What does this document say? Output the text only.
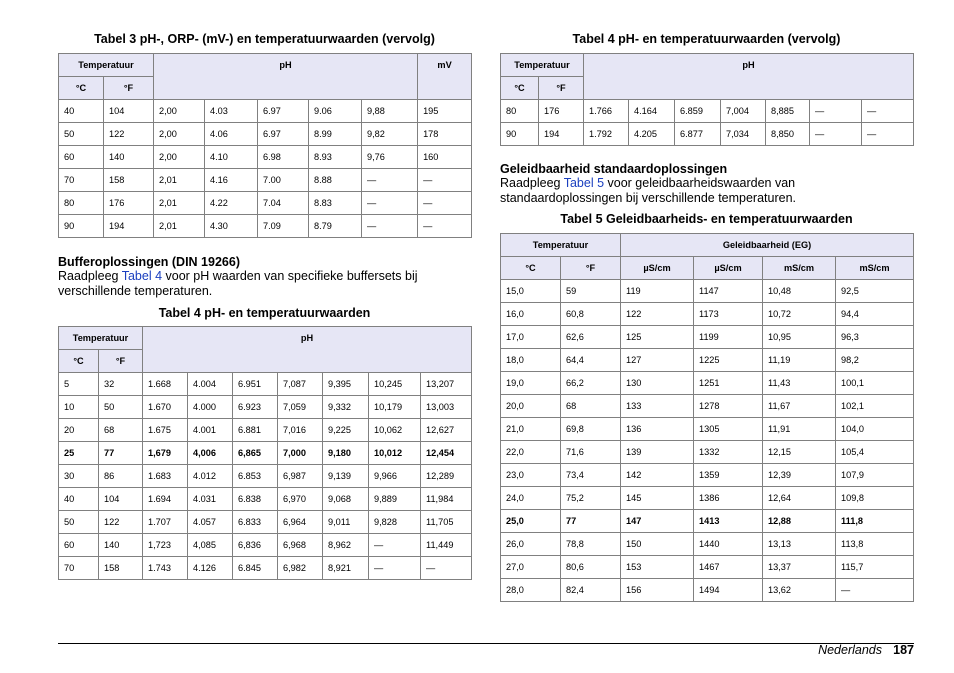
Tabel 3 pH-, ORP- (mV-) en temperatuurwaarden (vervolg)
Temperatuur		pH					mV
°C	°F						
40	104	2,00	4.03	6.97	9.06	9,88	195
50	122	2,00	4.06	6.97	8.99	9,82	178
60	140	2,00	4.10	6.98	8.93	9,76	160
70	158	2,01	4.16	7.00	8.88	—	—
80	176	2,01	4.22	7.04	8.83	—	—
90	194	2,01	4.30	7.09	8.79	—	—
Bufferoplossingen (DIN 19266)
Raadpleeg Tabel 4 voor pH waarden van specifieke buffersets bij verschillende temperaturen.
Tabel 4 pH- en temperatuurwaarden
Temperatuur		pH						
°C	°F							
5	32	1.668	4.004	6.951	7,087	9,395	10,245	13,207
10	50	1.670	4.000	6.923	7,059	9,332	10,179	13,003
20	68	1.675	4.001	6.881	7,016	9,225	10,062	12,627
25	77	1,679	4,006	6,865	7,000	9,180	10,012	12,454
30	86	1.683	4.012	6.853	6,987	9,139	9,966	12,289
40	104	1.694	4.031	6.838	6,970	9,068	9,889	11,984
50	122	1.707	4.057	6.833	6,964	9,011	9,828	11,705
60	140	1,723	4,085	6,836	6,968	8,962	—	11,449
70	158	1.743	4.126	6.845	6,982	8,921	—	—
Tabel 4 pH- en temperatuurwaarden (vervolg)
Temperatuur		pH						
°C	°F							
80	176	1.766	4.164	6.859	7,004	8,885	—	—
90	194	1.792	4.205	6.877	7,034	8,850	—	—
Geleidbaarheid standaardoplossingen
Raadpleeg Tabel 5 voor geleidbaarheidswaarden van standaardoplossingen bij verschillende temperaturen.
Tabel 5 Geleidbaarheids- en temperatuurwaarden
Temperatuur		Geleidbaarheid (EG)			
°C	°F	µS/cm	µS/cm	mS/cm	mS/cm
15,0	59	119	1147	10,48	92,5
16,0	60,8	122	1173	10,72	94,4
17,0	62,6	125	1199	10,95	96,3
18,0	64,4	127	1225	11,19	98,2
19,0	66,2	130	1251	11,43	100,1
20,0	68	133	1278	11,67	102,1
21,0	69,8	136	1305	11,91	104,0
22,0	71,6	139	1332	12,15	105,4
23,0	73,4	142	1359	12,39	107,9
24,0	75,2	145	1386	12,64	109,8
25,0	77	147	1413	12,88	111,8
26,0	78,8	150	1440	13,13	113,8
27,0	80,6	153	1467	13,37	115,7
28,0	82,4	156	1494	13,62	—
Nederlands 187
